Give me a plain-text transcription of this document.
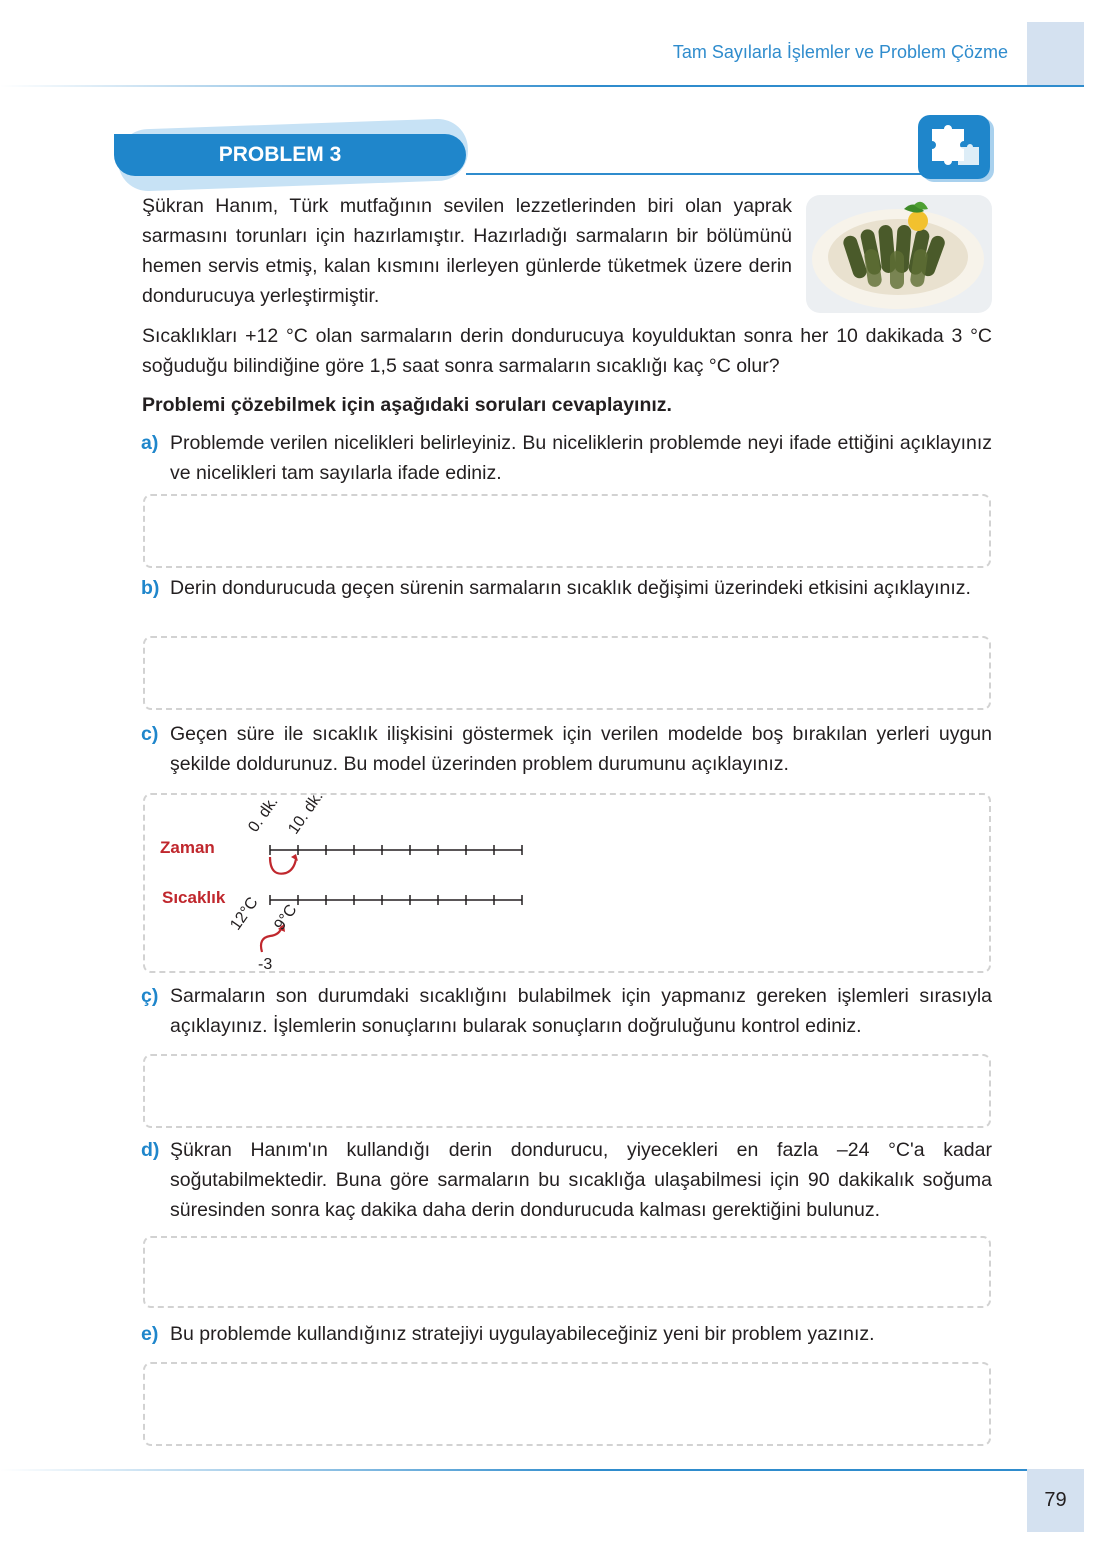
Tam Sayılarla İşlemler ve Problem Çözme
PROBLEM 3
Şükran Hanım, Türk mutfağının sevilen lezzetlerinden biri olan yaprak sarmasını torunları için hazırlamıştır. Hazırladığı sarmaların bir bölümünü hemen servis etmiş, kalan kısmını ilerleyen günlerde tüketmek üzere derin dondurucuya yerleştirmiştir.
Sıcaklıkları +12 °C olan sarmaların derin dondurucuya koyulduktan sonra her 10 dakikada 3 °C soğuduğu bilindiğine göre 1,5 saat sonra sarmaların sıcaklığı kaç °C olur?
Problemi çözebilmek için aşağıdaki soruları cevaplayınız.
a) Problemde verilen nicelikleri belirleyiniz. Bu niceliklerin problemde neyi ifade ettiğini açıklayınız ve nicelikleri tam sayılarla ifade ediniz.
b) Derin dondurucuda geçen sürenin sarmaların sıcaklık değişimi üzerindeki etkisini açıklayınız.
c) Geçen süre ile sıcaklık ilişkisini göstermek için verilen modelde boş bırakılan yerleri uygun şekilde doldurunuz. Bu model üzerinden problem durumunu açıklayınız.
Zaman
Sıcaklık
0. dk. 10. dk.
12°C 9°C
-3
ç) Sarmaların son durumdaki sıcaklığını bulabilmek için yapmanız gereken işlemleri sırasıyla açıklayınız. İşlemlerin sonuçlarını bularak sonuçların doğruluğunu kontrol ediniz.
d) Şükran Hanım'ın kullandığı derin dondurucu, yiyecekleri en fazla –24 °C'a kadar soğutabilmektedir. Buna göre sarmaların bu sıcaklığa ulaşabilmesi için 90 dakikalık soğuma süresinden sonra kaç dakika daha derin dondurucuda kalması gerektiğini bulunuz.
e) Bu problemde kullandığınız stratejiyi uygulayabileceğiniz yeni bir problem yazınız.
79
